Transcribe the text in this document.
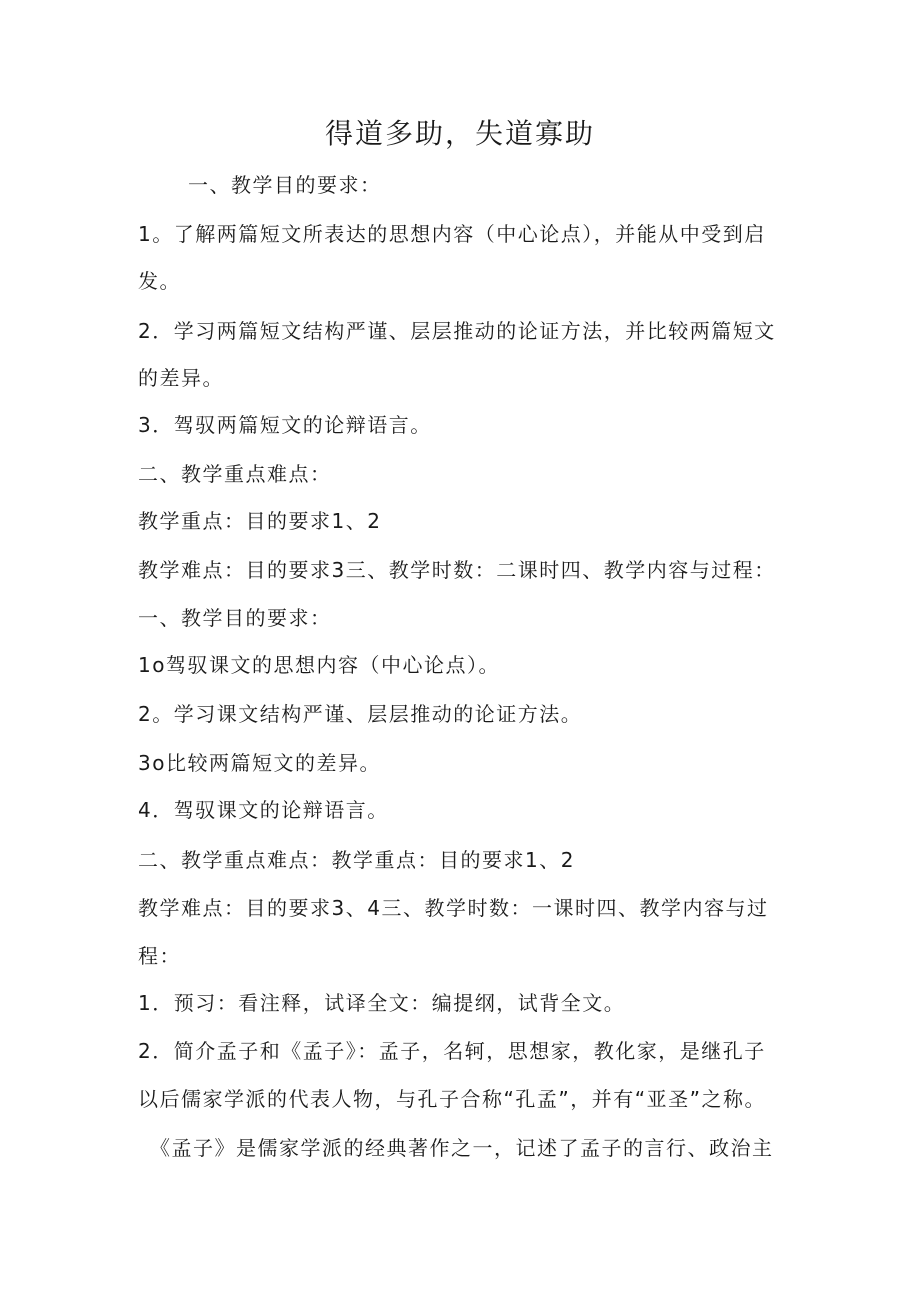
得道多助，失道寡助
一、教学目的要求：
1。了解两篇短文所表达的思想内容（中心论点），并能从中受到启
发。
2．学习两篇短文结构严谨、层层推动的论证方法，并比较两篇短文
的差异。
3．驾驭两篇短文的论辩语言。
二、教学重点难点：
教学重点：目的要求1、2
教学难点：目的要求3三、教学时数：二课时四、教学内容与过程：
一、教学目的要求：
1o驾驭课文的思想内容（中心论点）。
2。学习课文结构严谨、层层推动的论证方法。
3o比较两篇短文的差异。
4．驾驭课文的论辩语言。
二、教学重点难点：教学重点：目的要求1、2
教学难点：目的要求3、4三、教学时数：一课时四、教学内容与过
程：
1．预习：看注释，试译全文：编提纲，试背全文。
2．简介孟子和《孟子》：孟子，名轲，思想家，教化家，是继孔子
以后儒家学派的代表人物，与孔子合称“孔孟”，并有“亚圣”之称。
《孟子》是儒家学派的经典著作之一，记述了孟子的言行、政治主
